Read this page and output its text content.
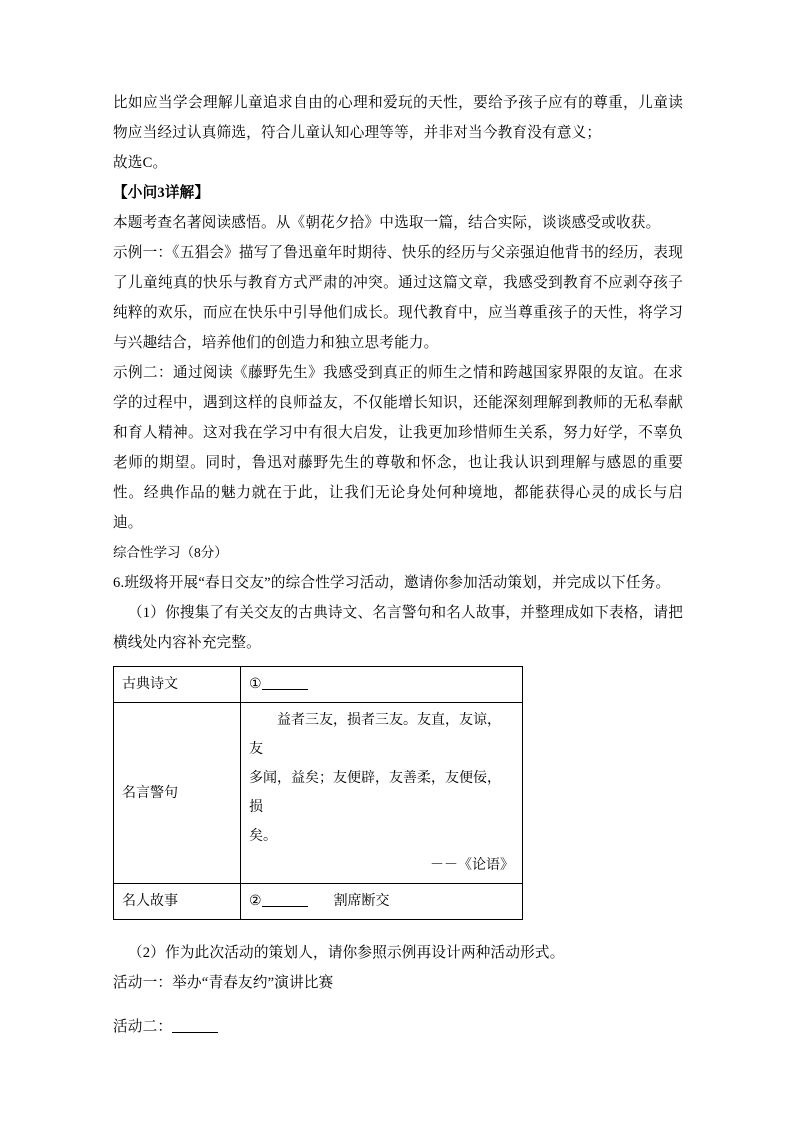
比如应当学会理解儿童追求自由的心理和爱玩的天性，要给予孩子应有的尊重，儿童读物应当经过认真筛选，符合儿童认知心理等等，并非对当今教育没有意义；

故选C。

【小问3详解】

本题考查名著阅读感悟。从《朝花夕拾》中选取一篇，结合实际，谈谈感受或收获。

示例一：《五猖会》描写了鲁迅童年时期待、快乐的经历与父亲强迫他背书的经历，表现了儿童纯真的快乐与教育方式严肃的冲突。通过这篇文章，我感受到教育不应剥夺孩子纯粹的欢乐，而应在快乐中引导他们成长。现代教育中，应当尊重孩子的天性，将学习与兴趣结合，培养他们的创造力和独立思考能力。

示例二：通过阅读《藤野先生》我感受到真正的师生之情和跨越国家界限的友谊。在求学的过程中，遇到这样的良师益友，不仅能增长知识，还能深刻理解到教师的无私奉献和育人精神。这对我在学习中有很大启发，让我更加珍惜师生关系，努力好学，不辜负老师的期望。同时，鲁迅对藤野先生的尊敬和怀念，也让我认识到理解与感恩的重要性。经典作品的魅力就在于此，让我们无论身处何种境地，都能获得心灵的成长与启迪。

综合性学习（8分）

6.班级将开展“春日交友”的综合性学习活动，邀请你参加活动策划，并完成以下任务。

（1）你搜集了有关交友的古典诗文、名言警句和名人故事，并整理成如下表格，请把横线处内容补充完整。

古典诗文	①
名言警句	益者三友，损者三友。友直，友谅，友
多闻，益矣；友便辟，友善柔，友便佞，损
矣。
－－《论语》

名人故事	② 割席断交

（2）作为此次活动的策划人，请你参照示例再设计两种活动形式。

活动一：举办“青春友约”演讲比赛

活动二：
